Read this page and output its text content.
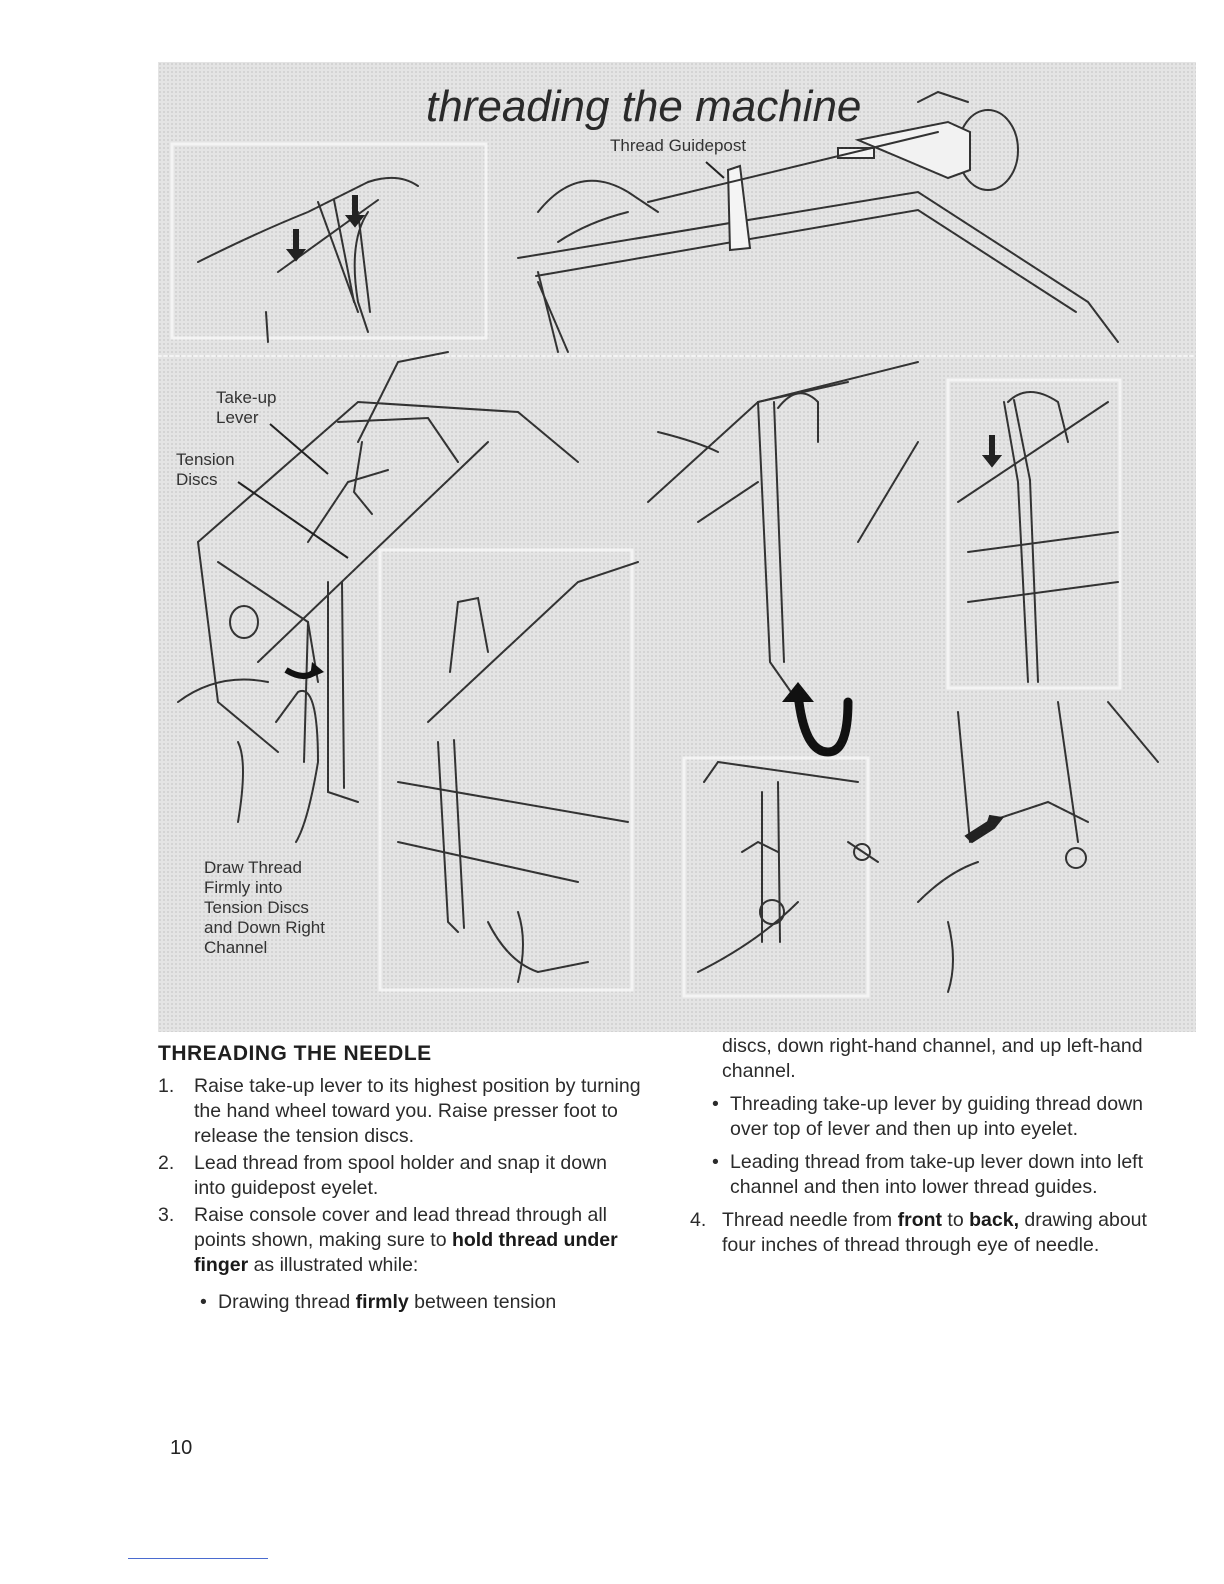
threading the machine
Thread Guidepost
Take-up
Lever
Tension
Discs
Draw Thread
Firmly into
Tension Discs
and Down Right
Channel
THREADING THE NEEDLE
1. Raise take-up lever to its highest position by turning the hand wheel toward you. Raise presser foot to release the tension discs.
2. Lead thread from spool holder and snap it down into guidepost eyelet.
3. Raise console cover and lead thread through all points shown, making sure to hold thread under finger as illustrated while:
• Drawing thread firmly between tension
discs, down right-hand channel, and up left-hand channel.
• Threading take-up lever by guiding thread down over top of lever and then up into eyelet.
• Leading thread from take-up lever down into left channel and then into lower thread guides.
4. Thread needle from front to back, drawing about four inches of thread through eye of needle.
10
